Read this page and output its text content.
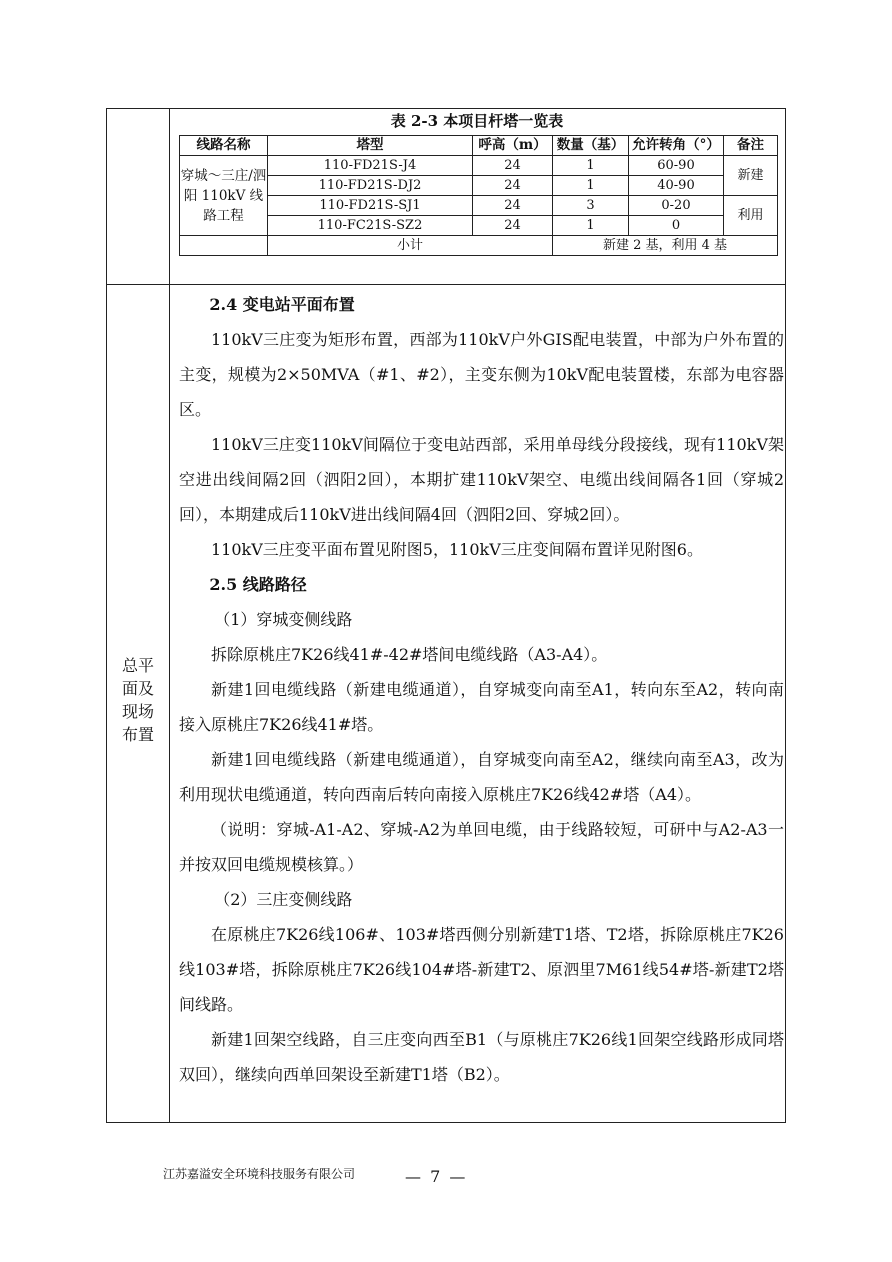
表 2-3 本项目杆塔一览表
线路名称	塔型	呼高（m）	数量（基）	允许转角（°）	备注
穿城～三庄/泗阳 110kV 线路工程	110-FD21S-J4	24	1	60-90	新建
	110-FD21S-DJ2	24	1	40-90	
	110-FD21S-SJ1	24	3	0-20	利用
	110-FC21S-SZ2	24	1	0	
	小计		新建 2 基，利用 4 基		
总平
面及
现场
布置

2.4 变电站平面布置

110kV三庄变为矩形布置，西部为110kV户外GIS配电装置，中部为户外布置的主变，规模为2×50MVA（#1、#2），主变东侧为10kV配电装置楼，东部为电容器区。

110kV三庄变110kV间隔位于变电站西部，采用单母线分段接线，现有110kV架空进出线间隔2回（泗阳2回），本期扩建110kV架空、电缆出线间隔各1回（穿城2回），本期建成后110kV进出线间隔4回（泗阳2回、穿城2回）。

110kV三庄变平面布置见附图5，110kV三庄变间隔布置详见附图6。

2.5 线路路径

（1）穿城变侧线路

拆除原桃庄7K26线41#-42#塔间电缆线路（A3-A4）。

新建1回电缆线路（新建电缆通道），自穿城变向南至A1，转向东至A2，转向南接入原桃庄7K26线41#塔。

新建1回电缆线路（新建电缆通道），自穿城变向南至A2，继续向南至A3，改为利用现状电缆通道，转向西南后转向南接入原桃庄7K26线42#塔（A4）。

（说明：穿城-A1-A2、穿城-A2为单回电缆，由于线路较短，可研中与A2-A3一并按双回电缆规模核算。）

（2）三庄变侧线路

在原桃庄7K26线106#、103#塔西侧分别新建T1塔、T2塔，拆除原桃庄7K26线103#塔，拆除原桃庄7K26线104#塔-新建T2、原泗里7M61线54#塔-新建T2塔间线路。

新建1回架空线路，自三庄变向西至B1（与原桃庄7K26线1回架空线路形成同塔双回），继续向西单回架设至新建T1塔（B2）。

江苏嘉溢安全环境科技服务有限公司	— 7 —
